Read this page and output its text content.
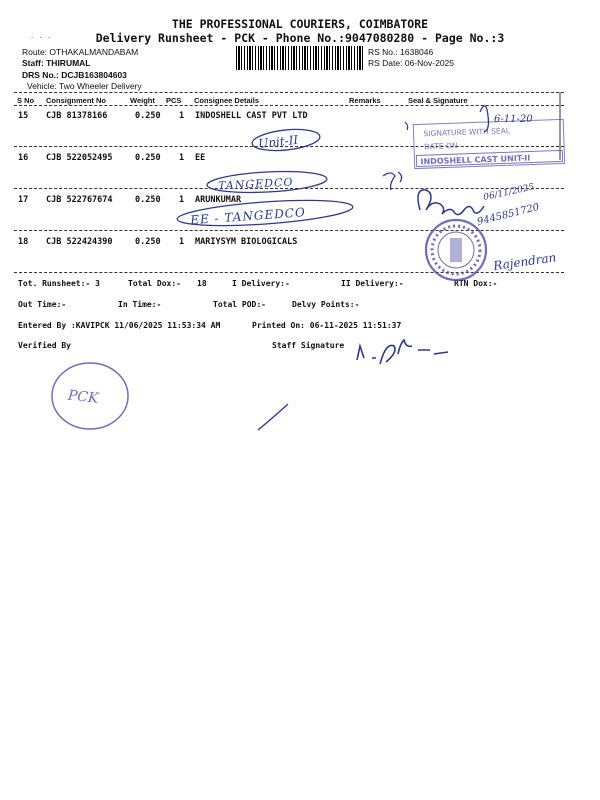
THE PROFESSIONAL COURIERS, COIMBATORE
Delivery Runsheet - PCK - Phone No.:9047080280 - Page No.:3
· · ·
Route: OTHAKALMANDABAM
Staff: THIRUMAL
DRS No.: DCJB163804603
Vehicle: Two Wheeler Delivery
RS No.: 1638046
RS Date: 06-Nov-2025
S No Consignment No	Weight PCS Consignee Details	Remarks	Seal & Signature
15 CJB 81378166	0.250 1 INDOSHELL CAST PVT LTD
16 CJB 522052495	0.250 1 EE
17 CJB 522767674	0.250 1 ARUNKUMAR
18 CJB 522424390	0.250 1 MARIYSYM BIOLOGICALS
Tot. Runsheet:- 3	Total Dox:- 18	I Delivery:-	II Delivery:-	RTN Dox:-
Out Time:-	In Time:-	Total POD:-	Delvy Points:-
Entered By :KAVIPCK 11/06/2025 11:53:34 AM	Printed On: 06-11-2025 11:51:37
Verified By	Staff Signature
Unit-II
SIGNATURE WITH SEAL
DATE ON
INDOSHELL CAST UNIT-II
6-11-20
TANGEDCO
EE - TANGEDCO
06/11/2025
9445851720
Rajendran
PCK
